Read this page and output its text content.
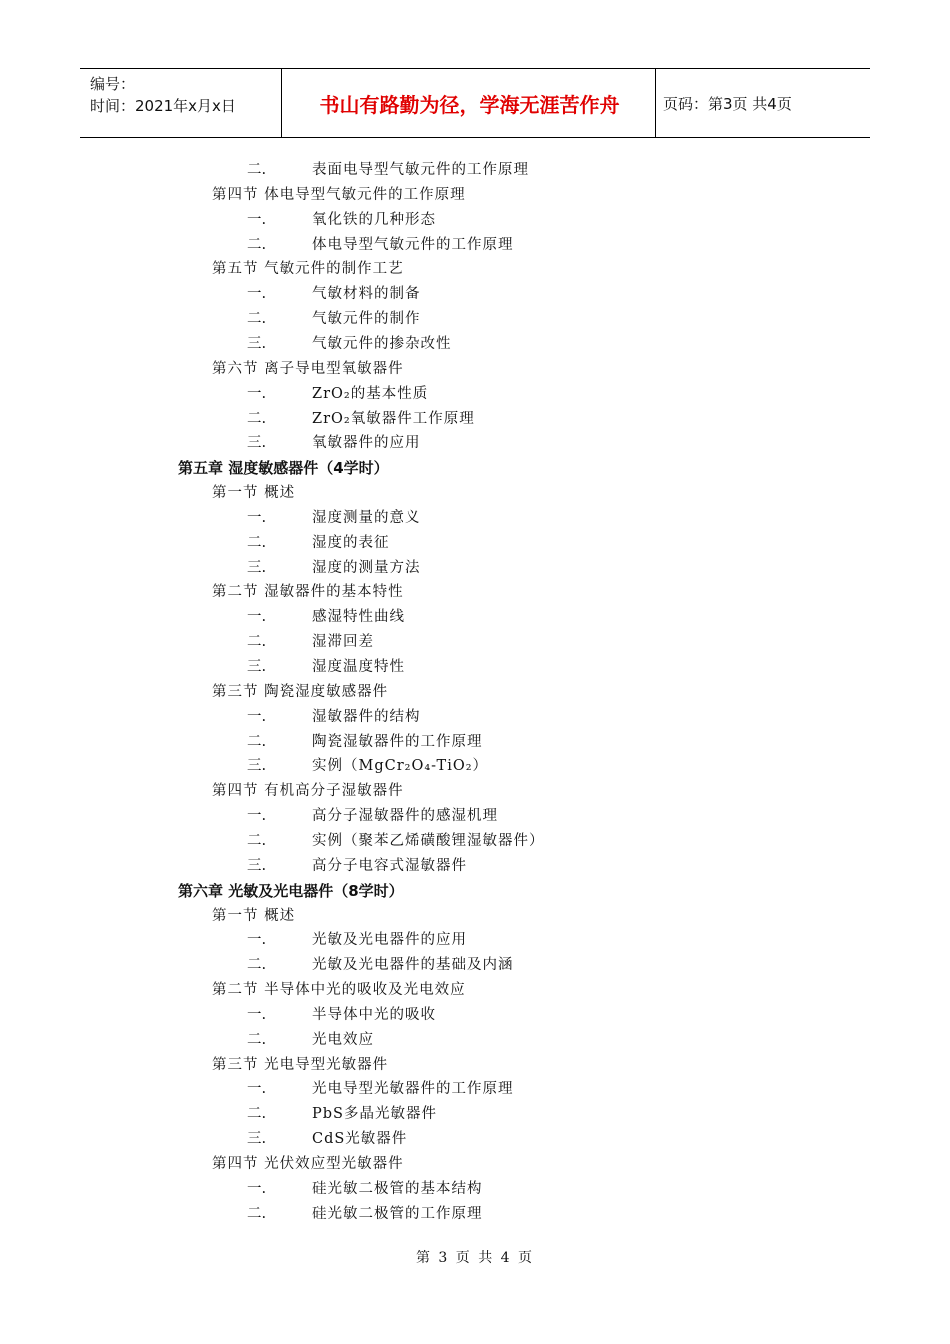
编号：
时间：2021年x月x日	书山有路勤为径，学海无涯苦作舟	页码：第3页 共4页
二.	表面电导型气敏元件的工作原理
第四节 体电导型气敏元件的工作原理
一.	氧化铁的几种形态
二.	体电导型气敏元件的工作原理
第五节 气敏元件的制作工艺
一.	气敏材料的制备
二.	气敏元件的制作
三.	气敏元件的掺杂改性
第六节 离子导电型氧敏器件
一.	ZrO₂的基本性质
二.	ZrO₂氧敏器件工作原理
三.	氧敏器件的应用
第五章 湿度敏感器件（4学时）
第一节 概述
一.	湿度测量的意义
二.	湿度的表征
三.	湿度的测量方法
第二节 湿敏器件的基本特性
一.	感湿特性曲线
二.	湿滞回差
三.	湿度温度特性
第三节 陶瓷湿度敏感器件
一.	湿敏器件的结构
二.	陶瓷湿敏器件的工作原理
三.	实例（MgCr₂O₄-TiO₂）
第四节 有机高分子湿敏器件
一.	高分子湿敏器件的感湿机理
二.	实例（聚苯乙烯磺酸锂湿敏器件）
三.	高分子电容式湿敏器件
第六章 光敏及光电器件（8学时）
第一节 概述
一.	光敏及光电器件的应用
二.	光敏及光电器件的基础及内涵
第二节 半导体中光的吸收及光电效应
一.	半导体中光的吸收
二.	光电效应
第三节 光电导型光敏器件
一.	光电导型光敏器件的工作原理
二.	PbS多晶光敏器件
三.	CdS光敏器件
第四节 光伏效应型光敏器件
一.	硅光敏二极管的基本结构
二.	硅光敏二极管的工作原理
第 3 页 共 4 页
